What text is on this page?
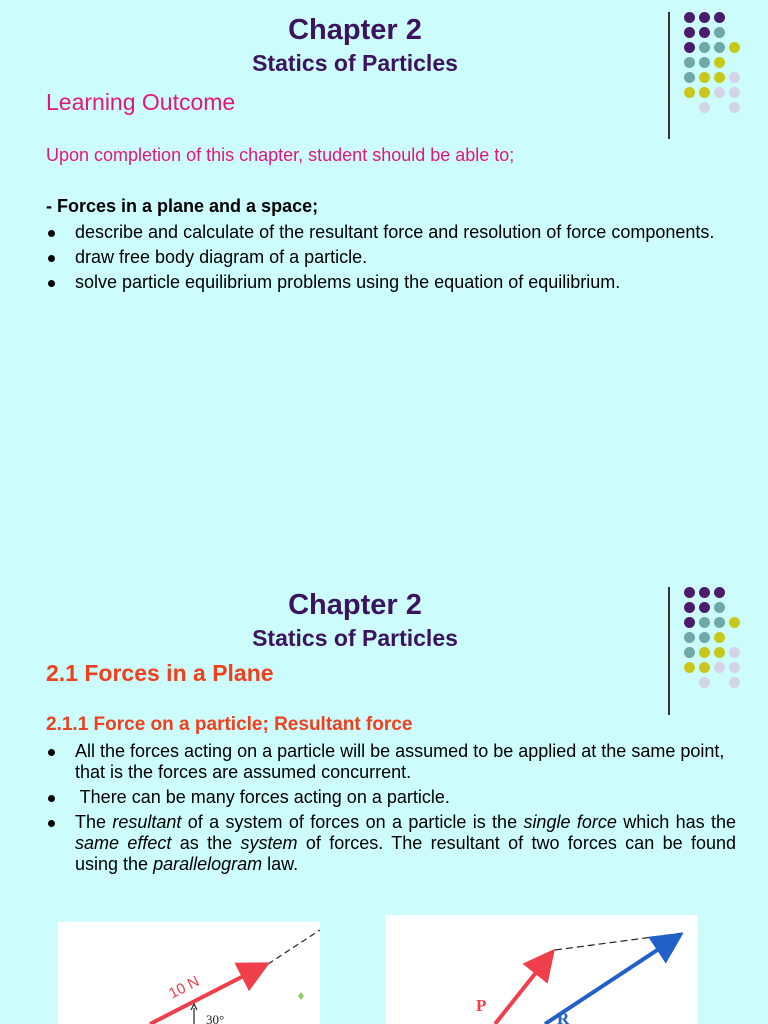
Chapter 2
Statics of Particles
Learning Outcome
Upon completion of this chapter, student should be able to;
- Forces in a plane and a space;
describe and calculate of the resultant force and resolution of force components.
draw free body diagram of a particle.
solve particle equilibrium problems using the equation of equilibrium.
Chapter 2
Statics of Particles
2.1 Forces in a Plane
2.1.1 Force on a particle; Resultant force
All the forces acting on a particle will be assumed to be applied at the same point, that is the forces are assumed concurrent.
There can be many forces acting on a particle.
The resultant of a system of forces on a particle is the single force which has the same effect as the system of forces. The resultant of two forces can be found using the parallelogram law.
10 N
30°
P
R
